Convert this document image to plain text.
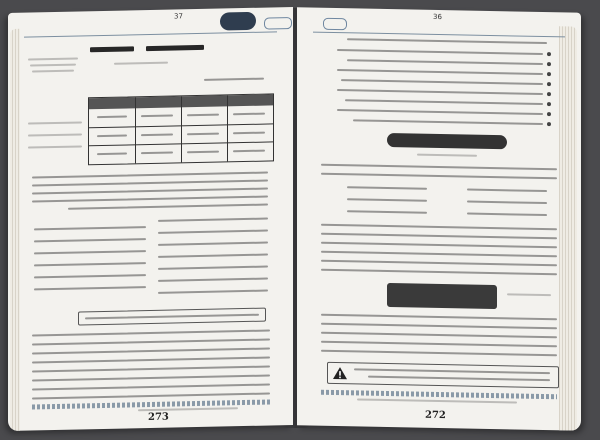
37
273
36
272
